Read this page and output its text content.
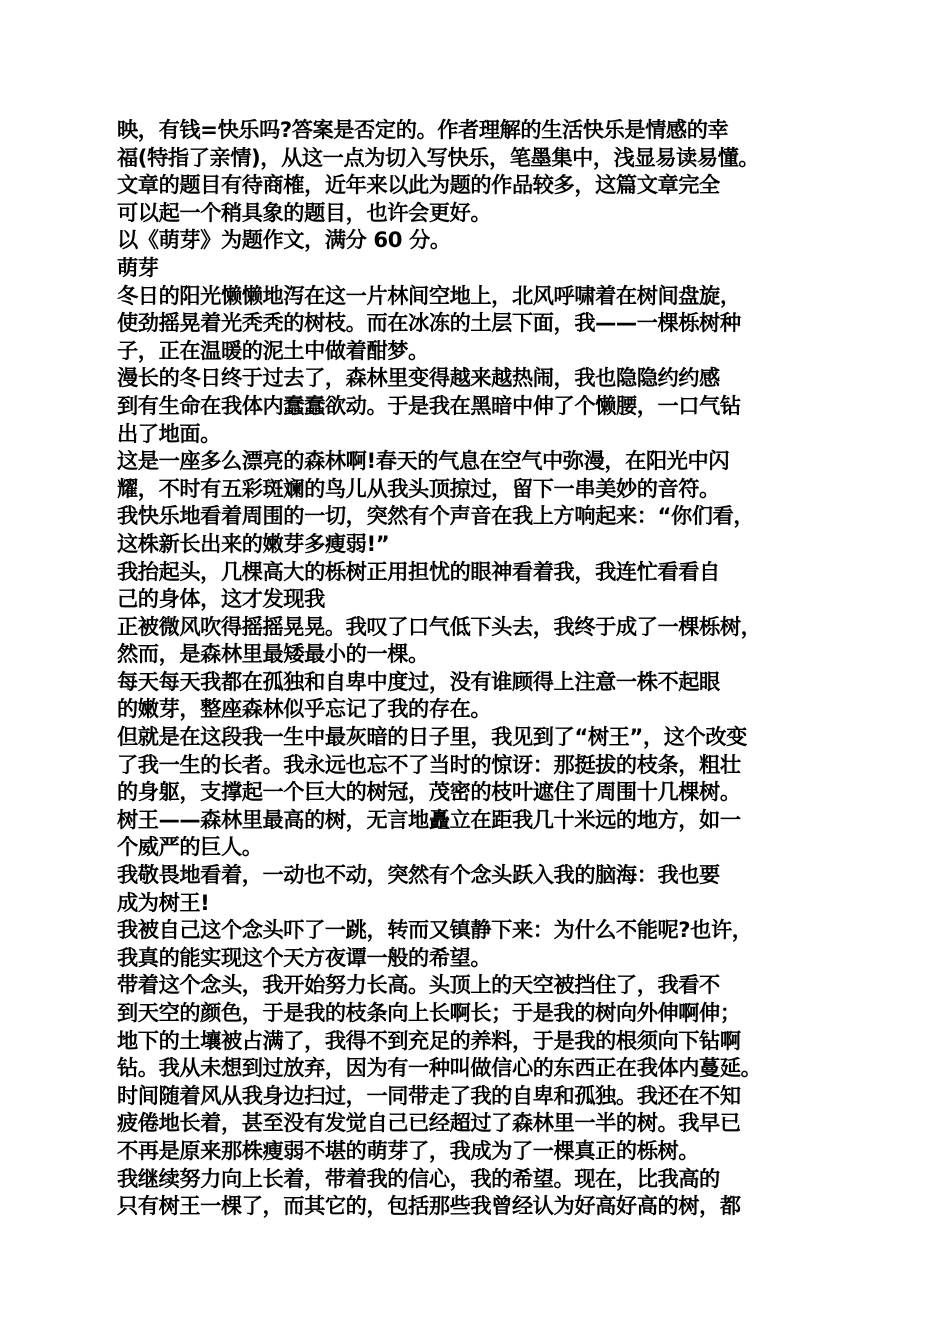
映，有钱=快乐吗?答案是否定的。作者理解的生活快乐是情感的幸
福(特指了亲情)，从这一点为切入写快乐，笔墨集中，浅显易读易懂。
文章的题目有待商榷，近年来以此为题的作品较多，这篇文章完全
可以起一个稍具象的题目，也许会更好。
以《萌芽》为题作文，满分 60 分。
萌芽
冬日的阳光懒懒地泻在这一片林间空地上，北风呼啸着在树间盘旋，
使劲摇晃着光秃秃的树枝。而在冰冻的土层下面，我——一棵栎树种
子，正在温暖的泥土中做着酣梦。
漫长的冬日终于过去了，森林里变得越来越热闹，我也隐隐约约感
到有生命在我体内蠢蠢欲动。于是我在黑暗中伸了个懒腰，一口气钻
出了地面。
这是一座多么漂亮的森林啊!春天的气息在空气中弥漫，在阳光中闪
耀，不时有五彩斑斓的鸟儿从我头顶掠过，留下一串美妙的音符。
我快乐地看着周围的一切，突然有个声音在我上方响起来：“你们看，
这株新长出来的嫩芽多瘦弱!”
我抬起头，几棵高大的栎树正用担忧的眼神看着我，我连忙看看自
己的身体，这才发现我
正被微风吹得摇摇晃晃。我叹了口气低下头去，我终于成了一棵栎树，
然而，是森林里最矮最小的一棵。
每天每天我都在孤独和自卑中度过，没有谁顾得上注意一株不起眼
的嫩芽，整座森林似乎忘记了我的存在。
但就是在这段我一生中最灰暗的日子里，我见到了“树王”，这个改变
了我一生的长者。我永远也忘不了当时的惊讶：那挺拔的枝条，粗壮
的身躯，支撑起一个巨大的树冠，茂密的枝叶遮住了周围十几棵树。
树王——森林里最高的树，无言地矗立在距我几十米远的地方，如一
个威严的巨人。
我敬畏地看着，一动也不动，突然有个念头跃入我的脑海：我也要
成为树王!
我被自己这个念头吓了一跳，转而又镇静下来：为什么不能呢?也许，
我真的能实现这个天方夜谭一般的希望。
带着这个念头，我开始努力长高。头顶上的天空被挡住了，我看不
到天空的颜色，于是我的枝条向上长啊长；于是我的树向外伸啊伸；
地下的土壤被占满了，我得不到充足的养料，于是我的根须向下钻啊
钻。我从未想到过放弃，因为有一种叫做信心的东西正在我体内蔓延。
时间随着风从我身边扫过，一同带走了我的自卑和孤独。我还在不知
疲倦地长着，甚至没有发觉自己已经超过了森林里一半的树。我早已
不再是原来那株瘦弱不堪的萌芽了，我成为了一棵真正的栎树。
我继续努力向上长着，带着我的信心，我的希望。现在，比我高的
只有树王一棵了，而其它的，包括那些我曾经认为好高好高的树，都
